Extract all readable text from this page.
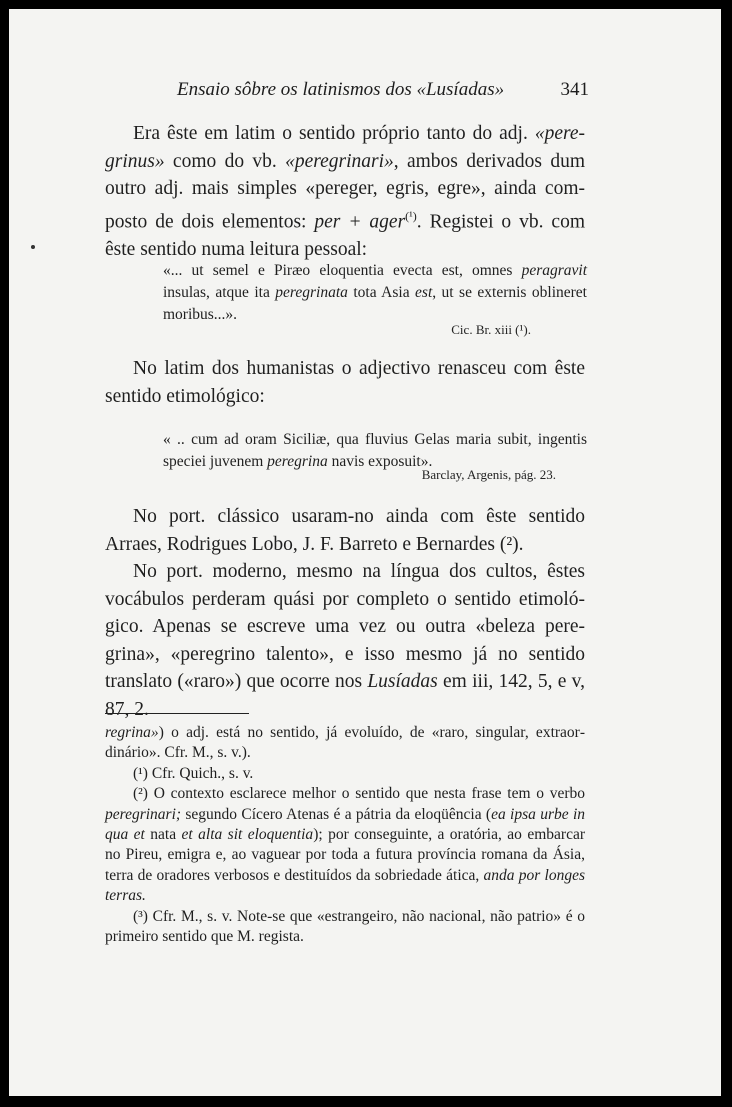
Ensaio sôbre os latinismos dos «Lusíadas»	341

Era êste em latim o sentido próprio tanto do adj. «peregrinus» como do vb. «peregrinari», ambos derivados dum outro adj. mais simples «pereger, egris, egre», ainda composto de dois elementos: per + ager$^{(^1)}$. Registei o vb. com êste sentido numa leitura pessoal:

«... ut semel e Piræo eloquentia evecta est, omnes peragravit insulas, atque ita peregrinata tota Asia est, ut se externis oblineret moribus...».

Cic. Br. xiii (¹).

No latim dos humanistas o adjectivo renasceu com êste sentido etimológico:

« .. cum ad oram Siciliæ, qua fluvius Gelas maria subit, ingentis speciei juvenem peregrina navis exposuit».

Barclay, Argenis, pág. 23.

No port. clássico usaram-no ainda com êste sentido Arraes, Rodrigues Lobo, J. F. Barreto e Bernardes (²).

No port. moderno, mesmo na língua dos cultos, êstes vocábulos perderam quási por completo o sentido etimológico. Apenas se escreve uma vez ou outra «beleza peregrina», «peregrino talento», e isso mesmo já no sentido translato («raro») que ocorre nos Lusíadas em iii, 142, 5, e v, 87, 2.

regrina») o adj. está no sentido, já evoluído, de «raro, singular, extraordinário». Cfr. M., s. v.).

(¹) Cfr. Quich., s. v.

(²) O contexto esclarece melhor o sentido que nesta frase tem o verbo peregrinari; segundo Cícero Atenas é a pátria da eloqüência (ea ipsa urbe in qua et nata et alta sit eloquentia); por conseguinte, a oratória, ao embarcar no Pireu, emigra e, ao vaguear por toda a futura província romana da Ásia, terra de oradores verbosos e destituídos da sobriedade ática, anda por longes terras.

(³) Cfr. M., s. v. Note-se que «estrangeiro, não nacional, não patrio» é o primeiro sentido que M. regista.
